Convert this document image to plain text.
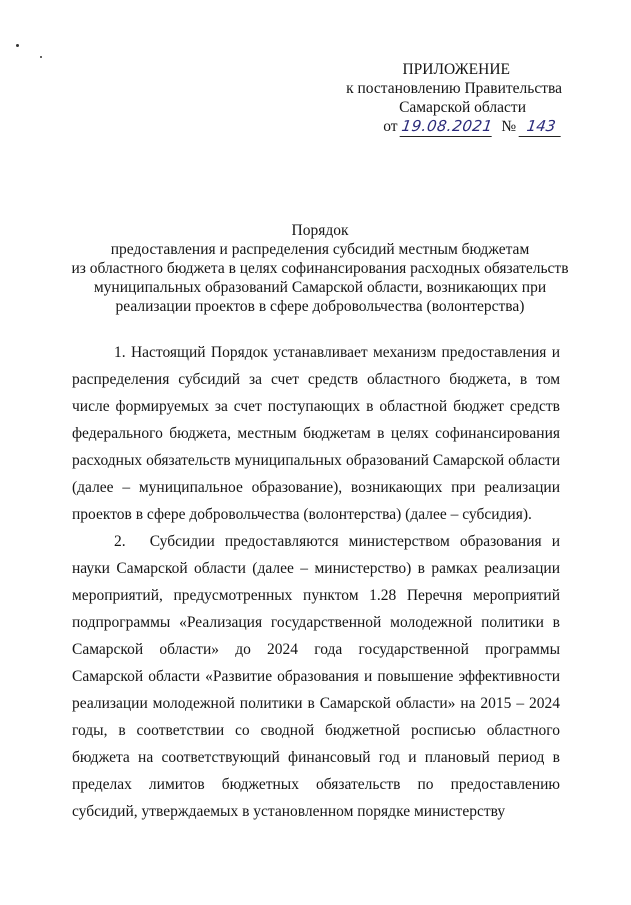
ПРИЛОЖЕНИЕ
к постановлению Правительства
Самарской области
от 19.08.2021 № 143
Порядок
предоставления и распределения субсидий местным бюджетам
из областного бюджета в целях софинансирования расходных обязательств
муниципальных образований Самарской области, возникающих при
реализации проектов в сфере добровольчества (волонтерства)

1. Настоящий Порядок устанавливает механизм предоставления и распределения субсидий за счет средств областного бюджета, в том числе формируемых за счет поступающих в областной бюджет средств федерального бюджета, местным бюджетам в целях софинансирования расходных обязательств муниципальных образований Самарской области (далее – муниципальное образование), возникающих при реализации проектов в сфере добровольчества (волонтерства) (далее – субсидия).

2. Субсидии предоставляются министерством образования и науки Самарской области (далее – министерство) в рамках реализации мероприятий, предусмотренных пунктом 1.28 Перечня мероприятий подпрограммы «Реализация государственной молодежной политики в Самарской области» до 2024 года государственной программы Самарской области «Развитие образования и повышение эффективности реализации молодежной политики в Самарской области» на 2015 – 2024 годы, в соответствии со сводной бюджетной росписью областного бюджета на соответствующий финансовый год и плановый период в пределах лимитов бюджетных обязательств по предоставлению субсидий, утверждаемых в установленном порядке министерству
